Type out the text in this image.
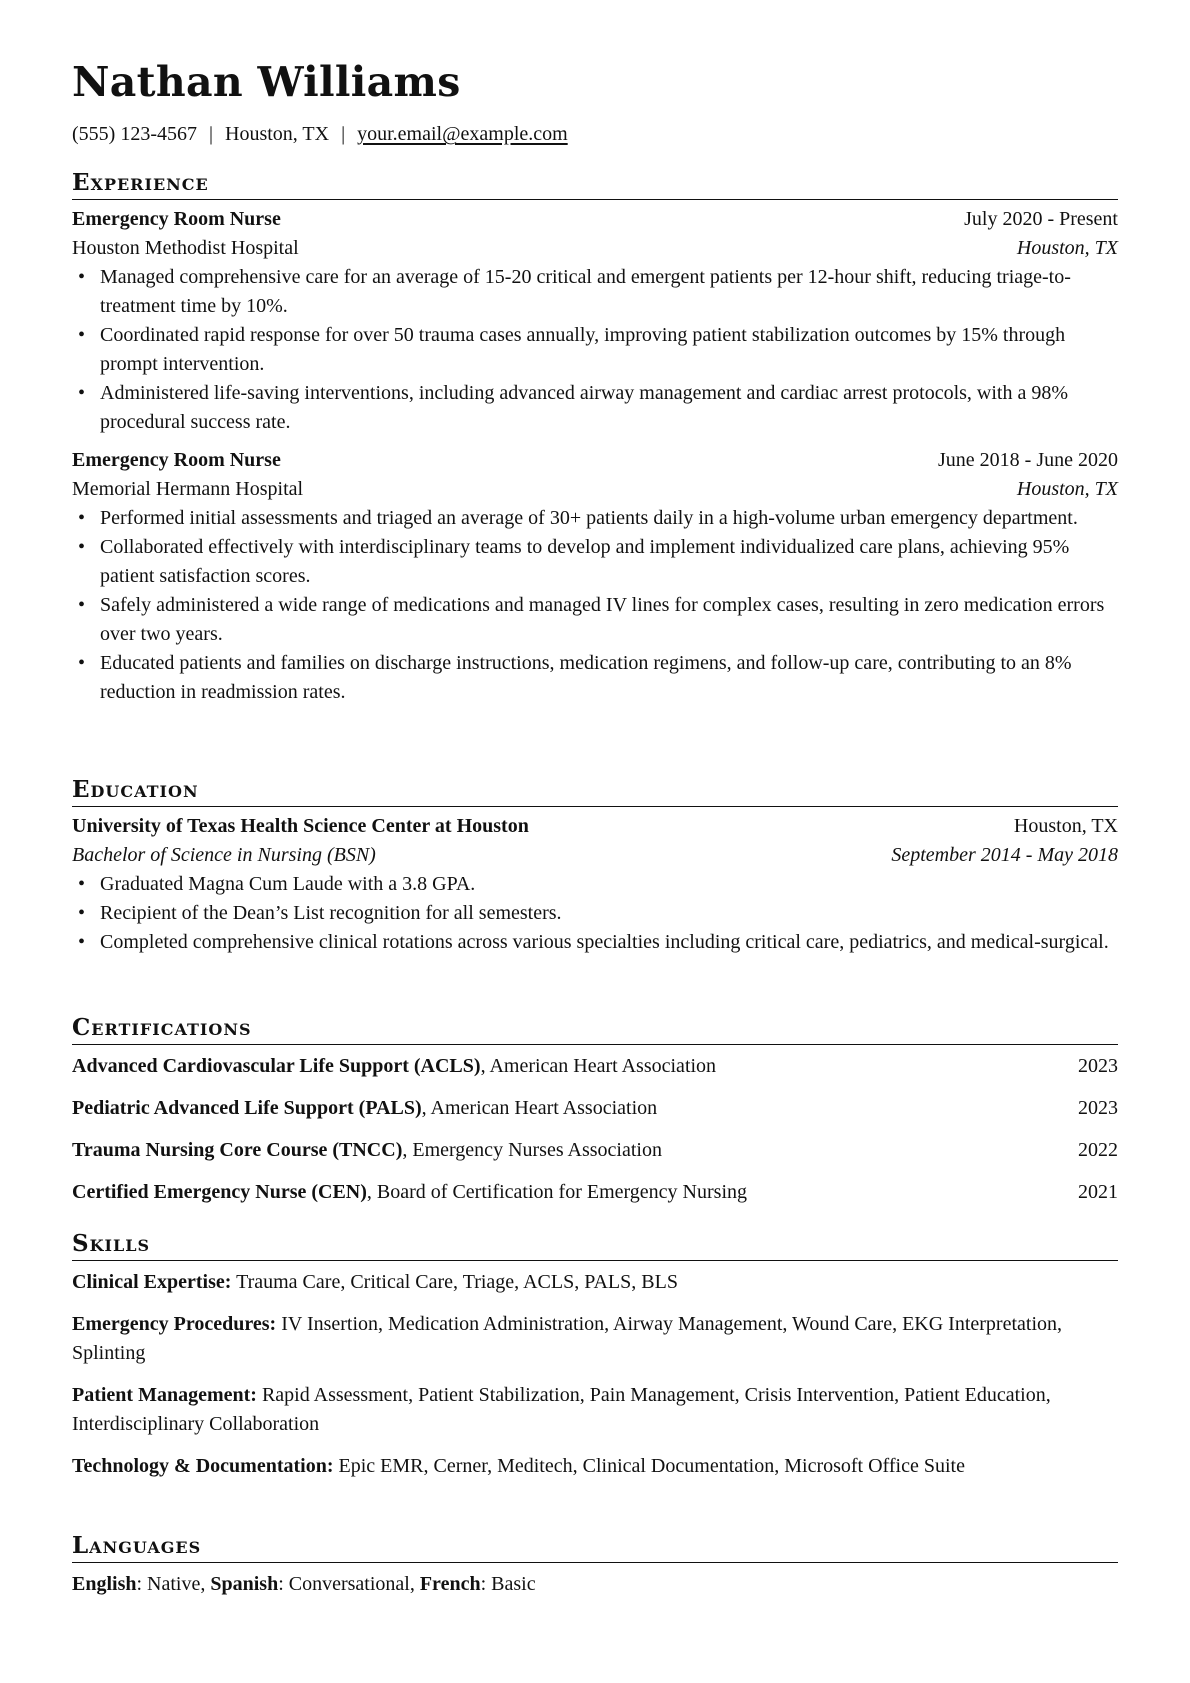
Nathan Williams
(555) 123-4567 | Houston, TX | your.email@example.com
Experience
Emergency Room Nurse	July 2020 - Present
Houston Methodist Hospital	Houston, TX
• Managed comprehensive care for an average of 15-20 critical and emergent patients per 12-hour shift, reducing triage-to-treatment time by 10%.
• Coordinated rapid response for over 50 trauma cases annually, improving patient stabilization outcomes by 15% through prompt intervention.
• Administered life-saving interventions, including advanced airway management and cardiac arrest protocols, with a 98% procedural success rate.
Emergency Room Nurse	June 2018 - June 2020
Memorial Hermann Hospital	Houston, TX
• Performed initial assessments and triaged an average of 30+ patients daily in a high-volume urban emergency department.
• Collaborated effectively with interdisciplinary teams to develop and implement individualized care plans, achieving 95% patient satisfaction scores.
• Safely administered a wide range of medications and managed IV lines for complex cases, resulting in zero medication errors over two years.
• Educated patients and families on discharge instructions, medication regimens, and follow-up care, contributing to an 8% reduction in readmission rates.
Education
University of Texas Health Science Center at Houston	Houston, TX
Bachelor of Science in Nursing (BSN)	September 2014 - May 2018
• Graduated Magna Cum Laude with a 3.8 GPA.
• Recipient of the Dean’s List recognition for all semesters.
• Completed comprehensive clinical rotations across various specialties including critical care, pediatrics, and medical-surgical.
Certifications
Advanced Cardiovascular Life Support (ACLS), American Heart Association	2023
Pediatric Advanced Life Support (PALS), American Heart Association	2023
Trauma Nursing Core Course (TNCC), Emergency Nurses Association	2022
Certified Emergency Nurse (CEN), Board of Certification for Emergency Nursing	2021
Skills
Clinical Expertise: Trauma Care, Critical Care, Triage, ACLS, PALS, BLS
Emergency Procedures: IV Insertion, Medication Administration, Airway Management, Wound Care, EKG Interpretation, Splinting
Patient Management: Rapid Assessment, Patient Stabilization, Pain Management, Crisis Intervention, Patient Education, Interdisciplinary Collaboration
Technology & Documentation: Epic EMR, Cerner, Meditech, Clinical Documentation, Microsoft Office Suite
Languages
English: Native, Spanish: Conversational, French: Basic
